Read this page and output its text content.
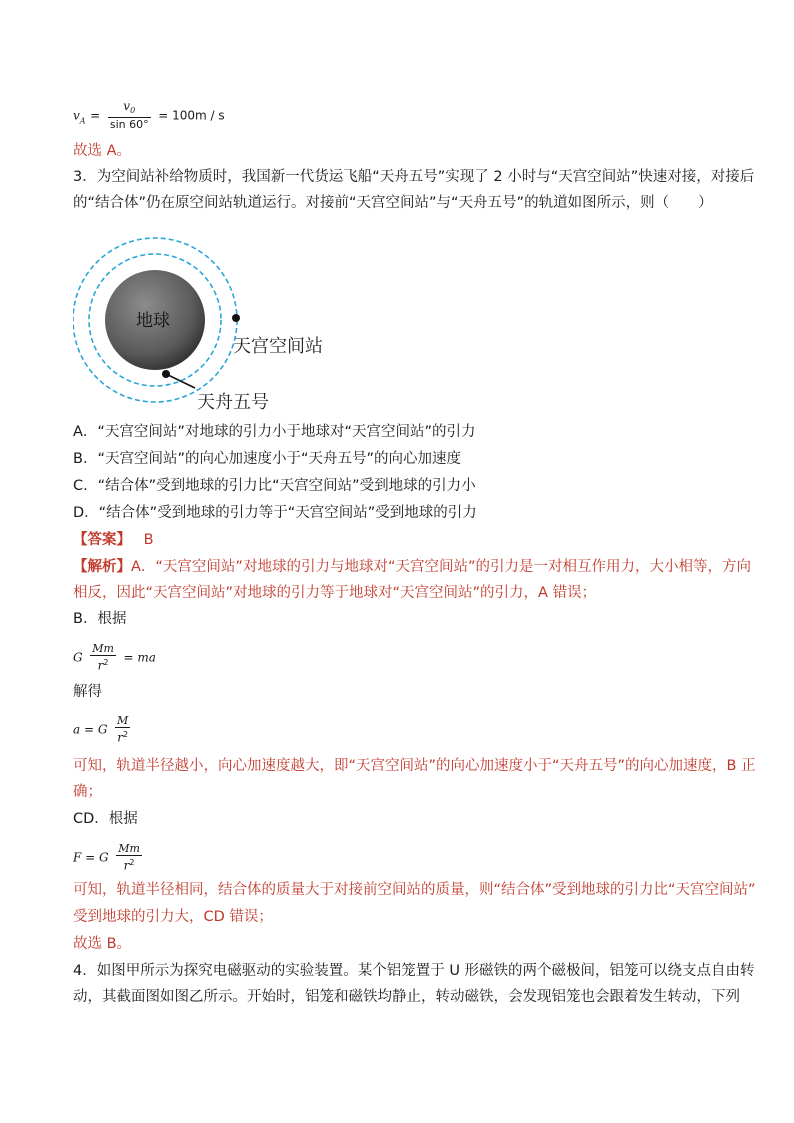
$v_A = \frac{v_0}{\sin 60^\circ} = 100m / s$
故选 A。
3．为空间站补给物质时，我国新一代货运飞船“天舟五号”实现了 2 小时与“天宫空间站”快速对接，对接后
的“结合体”仍在原空间站轨道运行。对接前“天宫空间站”与“天舟五号”的轨道如图所示，则（　　）
地球
天宫空间站
天舟五号
A．“天宫空间站”对地球的引力小于地球对“天宫空间站”的引力
B．“天宫空间站”的向心加速度小于“天舟五号”的向心加速度
C．“结合体”受到地球的引力比“天宫空间站”受到地球的引力小
D．“结合体”受到地球的引力等于“天宫空间站”受到地球的引力
【答案】 B
【解析】A．“天宫空间站”对地球的引力与地球对“天宫空间站”的引力是一对相互作用力，大小相等，方向
相反，因此“天宫空间站”对地球的引力等于地球对“天宫空间站”的引力，A 错误；
B．根据
G $\frac{Mm}{r^2}$ = ma
解得
a = G $\frac{M}{r^2}$
可知，轨道半径越小，向心加速度越大，即“天宫空间站”的向心加速度小于“天舟五号”的向心加速度，B 正
确；
CD．根据
F = G $\frac{Mm}{r^2}$
可知，轨道半径相同，结合体的质量大于对接前空间站的质量，则“结合体”受到地球的引力比“天宫空间站”
受到地球的引力大，CD 错误；
故选 B。
4．如图甲所示为探究电磁驱动的实验装置。某个铝笼置于 U 形磁铁的两个磁极间，铝笼可以绕支点自由转
动，其截面图如图乙所示。开始时，铝笼和磁铁均静止，转动磁铁，会发现铝笼也会跟着发生转动，下列
